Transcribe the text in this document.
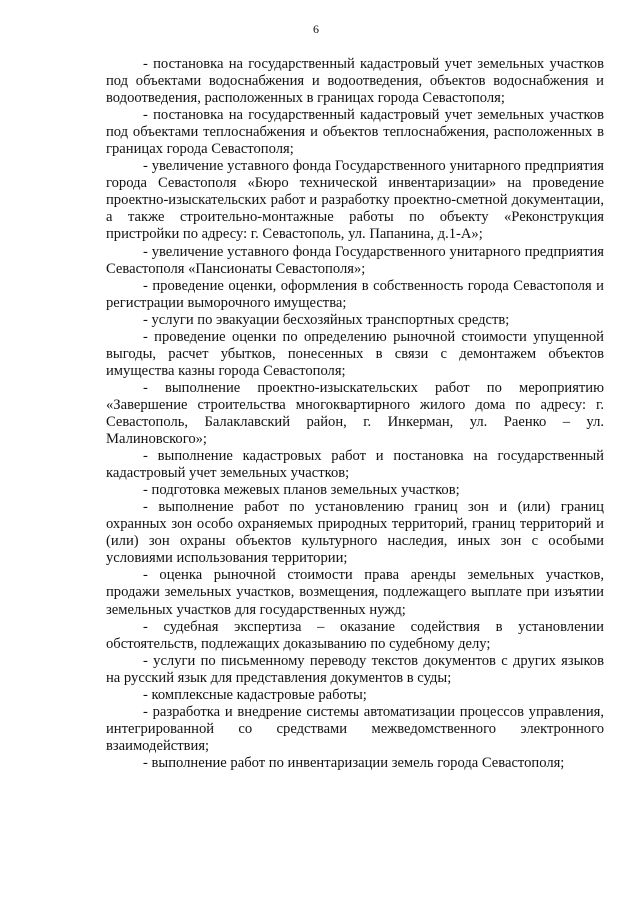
6

- постановка на государственный кадастровый учет земельных участков под объектами водоснабжения и водоотведения, объектов водоснабжения и водоотведения, расположенных в границах города Севастополя;

- постановка на государственный кадастровый учет земельных участков под объектами теплоснабжения и объектов теплоснабжения, расположенных в границах города Севастополя;

- увеличение уставного фонда Государственного унитарного предприятия города Севастополя «Бюро технической инвентаризации» на проведение проектно-изыскательских работ и разработку проектно-сметной документации, а также строительно-монтажные работы по объекту «Реконструкция пристройки по адресу: г. Севастополь, ул. Папанина, д.1-А»;

- увеличение уставного фонда Государственного унитарного предприятия Севастополя «Пансионаты Севастополя»;

- проведение оценки, оформления в собственность города Севастополя и регистрации выморочного имущества;

- услуги по эвакуации бесхозяйных транспортных средств;

- проведение оценки по определению рыночной стоимости упущенной выгоды, расчет убытков, понесенных в связи с демонтажем объектов имущества казны города Севастополя;

- выполнение проектно-изыскательских работ по мероприятию «Завершение строительства многоквартирного жилого дома по адресу: г. Севастополь, Балаклавский район, г. Инкерман, ул. Раенко – ул. Малиновского»;

- выполнение кадастровых работ и постановка на государственный кадастровый учет земельных участков;

- подготовка межевых планов земельных участков;

- выполнение работ по установлению границ зон и (или) границ охранных зон особо охраняемых природных территорий, границ территорий и (или) зон охраны объектов культурного наследия, иных зон с особыми условиями использования территории;

- оценка рыночной стоимости права аренды земельных участков, продажи земельных участков, возмещения, подлежащего выплате при изъятии земельных участков для государственных нужд;

- судебная экспертиза – оказание содействия в установлении обстоятельств, подлежащих доказыванию по судебному делу;

- услуги по письменному переводу текстов документов с других языков на русский язык для представления документов в суды;

- комплексные кадастровые работы;

- разработка и внедрение системы автоматизации процессов управления, интегрированной со средствами межведомственного электронного взаимодействия;

- выполнение работ по инвентаризации земель города Севастополя;
